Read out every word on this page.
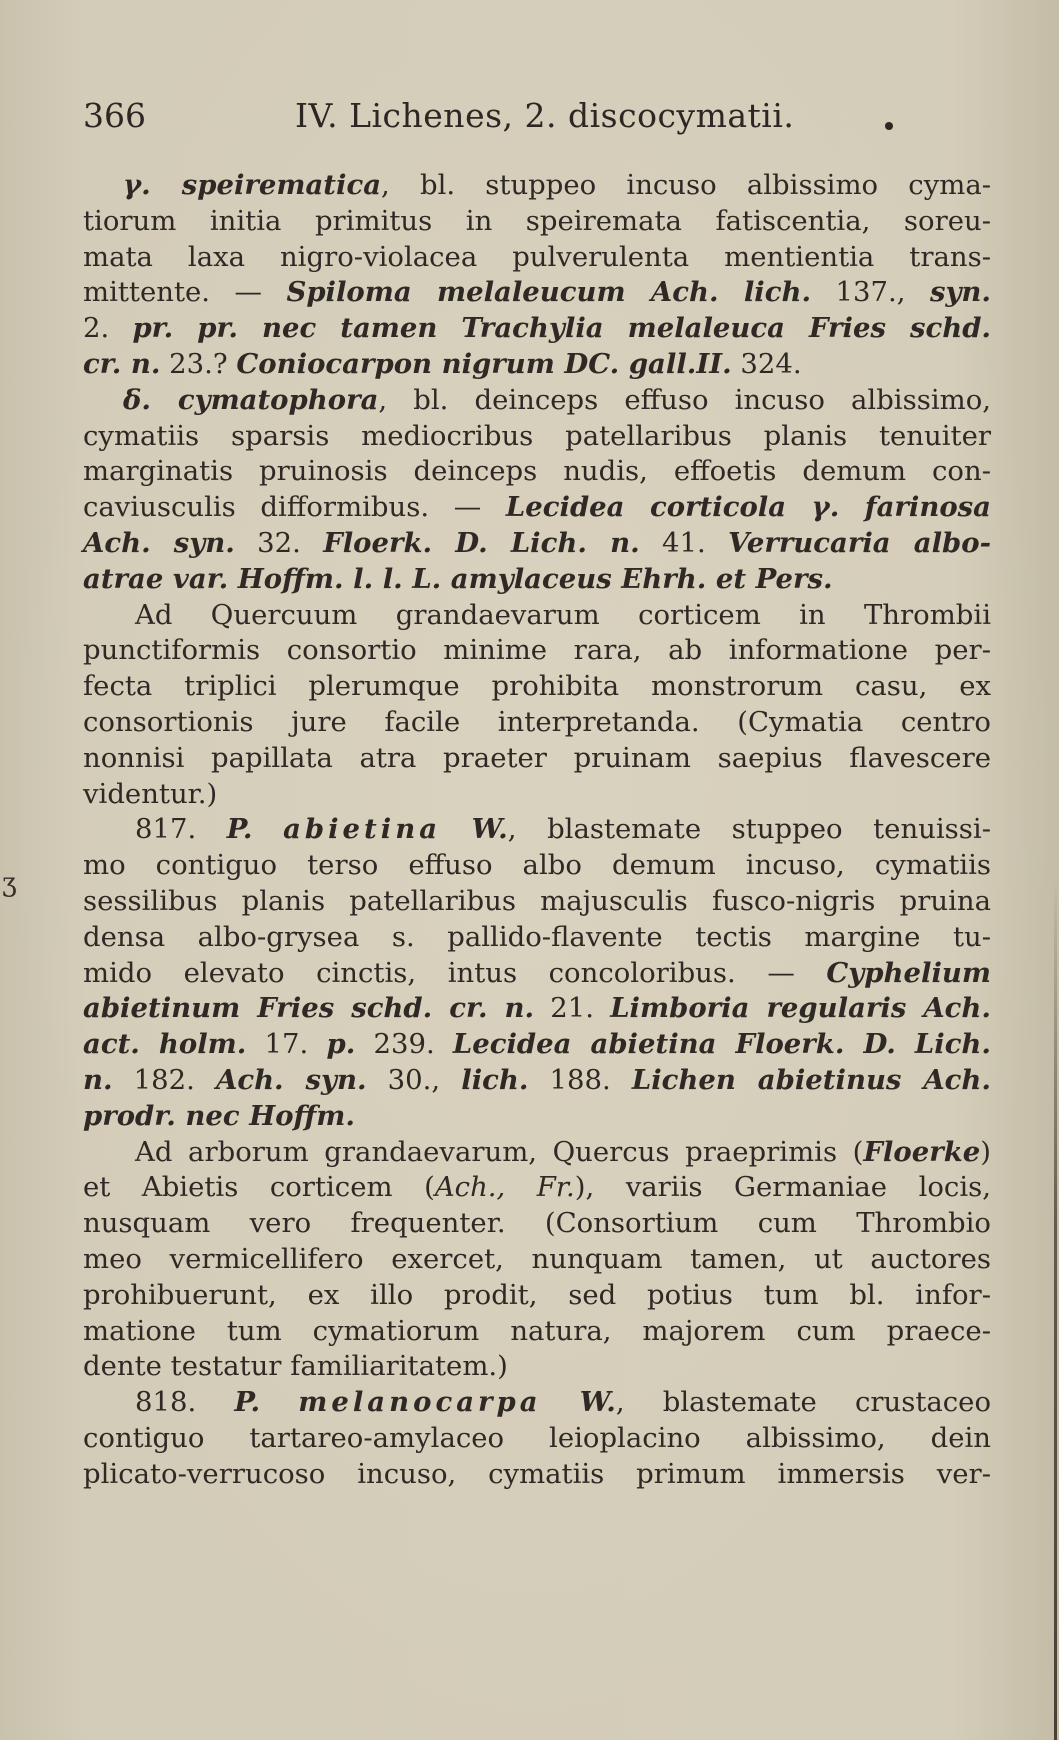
366	IV. Lichenes, 2. discocymatii.
ʒ
γ. speirematica, bl. stuppeo incuso albissimo cyma-
tiorum initia primitus in speiremata fatiscentia, soreu-
mata laxa nigro-violacea pulverulenta mentientia trans-
mittente. — Spiloma melaleucum Ach. lich. 137., syn.
2. pr. pr. nec tamen Trachylia melaleuca Fries schd.
cr. n. 23.? Coniocarpon nigrum DC. gall.II. 324.
δ. cymatophora, bl. deinceps effuso incuso albissimo,
cymatiis sparsis mediocribus patellaribus planis tenuiter
marginatis pruinosis deinceps nudis, effoetis demum con-
caviusculis difformibus. — Lecidea corticola γ. farinosa
Ach. syn. 32. Floerk. D. Lich. n. 41. Verrucaria albo-
atrae var. Hoffm. l. l. L. amylaceus Ehrh. et Pers.
Ad Quercuum grandaevarum corticem in Thrombii
punctiformis consortio minime rara, ab informatione per-
fecta triplici plerumque prohibita monstrorum casu, ex
consortionis jure facile interpretanda. (Cymatia centro
nonnisi papillata atra praeter pruinam saepius flavescere
videntur.)
817. P. abietina W., blastemate stuppeo tenuissi-
mo contiguo terso effuso albo demum incuso, cymatiis
sessilibus planis patellaribus majusculis fusco-nigris pruina
densa albo-grysea s. pallido-flavente tectis margine tu-
mido elevato cinctis, intus concoloribus. — Cyphelium
abietinum Fries schd. cr. n. 21. Limboria regularis Ach.
act. holm. 17. p. 239. Lecidea abietina Floerk. D. Lich.
n. 182. Ach. syn. 30., lich. 188. Lichen abietinus Ach.
prodr. nec Hoffm.
Ad arborum grandaevarum, Quercus praeprimis (Floerke)
et Abietis corticem (Ach., Fr.), variis Germaniae locis,
nusquam vero frequenter. (Consortium cum Thrombio
meo vermicellifero exercet, nunquam tamen, ut auctores
prohibuerunt, ex illo prodit, sed potius tum bl. infor-
matione tum cymatiorum natura, majorem cum praece-
dente testatur familiaritatem.)
818. P. melanocarpa W., blastemate crustaceo
contiguo tartareo-amylaceo leioplacino albissimo, dein
plicato-verrucoso incuso, cymatiis primum immersis ver-
